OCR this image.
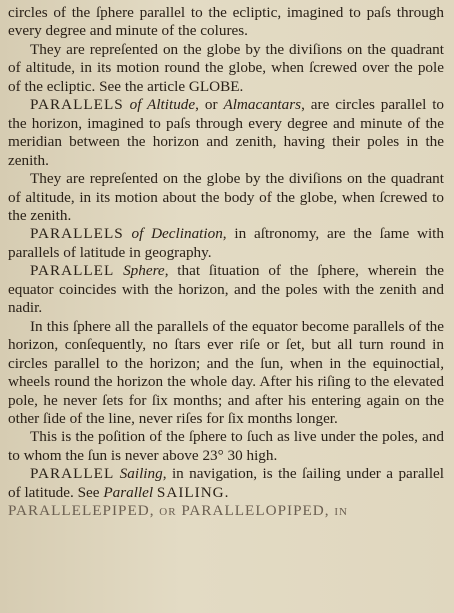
circles of the ſphere parallel to the ecliptic, imagined to paſs through every degree and minute of the colures.

They are repreſented on the globe by the diviſions on the quadrant of altitude, in its motion round the globe, when ſcrewed over the pole of the ecliptic. See the article GLOBE.

PARALLELS of Altitude, or Almacantars, are circles parallel to the horizon, imagined to paſs through every degree and minute of the meridian between the horizon and zenith, having their poles in the zenith.

They are repreſented on the globe by the diviſions on the quadrant of altitude, in its motion about the body of the globe, when ſcrewed to the zenith.

PARALLELS of Declination, in aſtronomy, are the ſame with parallels of latitude in geography.

PARALLEL Sphere, that ſituation of the ſphere, wherein the equator coincides with the horizon, and the poles with the zenith and nadir.

In this ſphere all the parallels of the equator become parallels of the horizon, conſequently, no ſtars ever riſe or ſet, but all turn round in circles parallel to the horizon; and the ſun, when in the equinoctial, wheels round the horizon the whole day. After his riſing to the elevated pole, he never ſets for ſix months; and after his entering again on the other ſide of the line, never riſes for ſix months longer.

This is the poſition of the ſphere to ſuch as live under the poles, and to whom the ſun is never above 23° 30 high.

PARALLEL Sailing, in navigation, is the ſailing under a parallel of latitude. See Parallel SAILING.

PARALLELEPIPED, or PARALLELOPIPED, in
